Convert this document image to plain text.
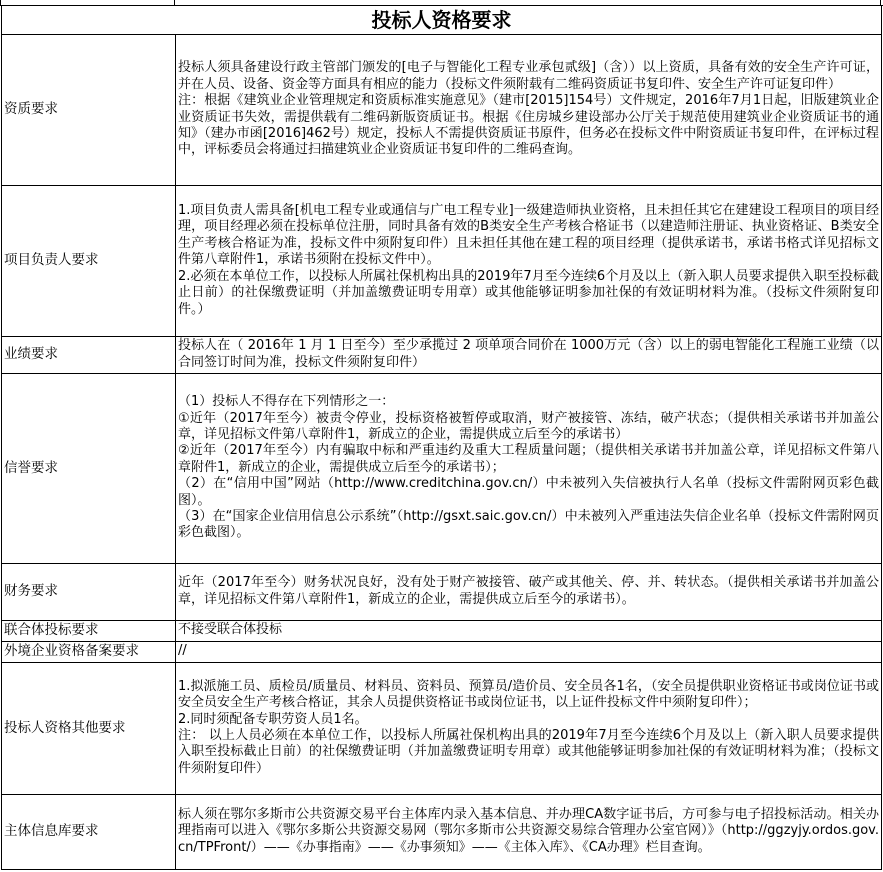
投标人资格要求	
资质要求	投标人须具备建设行政主管部门颁发的[电子与智能化工程专业承包贰级]（含））以上资质，具备有效的安全生产许可证，并在人员、设备、资金等方面具有相应的能力（投标文件须附载有二维码资质证书复印件、安全生产许可证复印件）
注：根据《建筑业企业管理规定和资质标准实施意见》（建市[2015]154号）文件规定，2016年7月1日起，旧版建筑业企业资质证书失效，需提供载有二维码新版资质证书。根据《住房城乡建设部办公厅关于规范使用建筑业企业资质证书的通知》（建办市函[2016]462号）规定，投标人不需提供资质证书原件，但务必在投标文件中附资质证书复印件，在评标过程中，评标委员会将通过扫描建筑业企业资质证书复印件的二维码查询。

项目负责人要求	1.项目负责人需具备[机电工程专业或通信与广电工程专业]一级建造师执业资格，且未担任其它在建建设工程项目的项目经理，项目经理必须在投标单位注册，同时具备有效的B类安全生产考核合格证书（以建造师注册证、执业资格证、B类安全生产考核合格证为准，投标文件中须附复印件）且未担任其他在建工程的项目经理（提供承诺书，承诺书格式详见招标文件第八章附件1，承诺书须附在投标文件中）。
2.必须在本单位工作，以投标人所属社保机构出具的2019年7月至今连续6个月及以上（新入职人员要求提供入职至投标截止日前）的社保缴费证明（并加盖缴费证明专用章）或其他能够证明参加社保的有效证明材料为准。（投标文件须附复印件。）

业绩要求	投标人在（ 2016年 1 月 1 日至今）至少承揽过 2 项单项合同价在 1000万元（含）以上的弱电智能化工程施工业绩（以合同签订时间为准，投标文件须附复印件）

信誉要求	（1）投标人不得存在下列情形之一：
①近年（2017年至今）被责令停业，投标资格被暂停或取消，财产被接管、冻结，破产状态；（提供相关承诺书并加盖公章，详见招标文件第八章附件1，新成立的企业，需提供成立后至今的承诺书）
②近年（2017年至今）内有骗取中标和严重违约及重大工程质量问题；（提供相关承诺书并加盖公章，详见招标文件第八章附件1，新成立的企业，需提供成立后至今的承诺书）；
（2）在“信用中国”网站（http://www.creditchina.gov.cn/）中未被列入失信被执行人名单（投标文件需附网页彩色截图）。
（3）在“国家企业信用信息公示系统”（http://gsxt.saic.gov.cn/）中未被列入严重违法失信企业名单（投标文件需附网页彩色截图）。

财务要求	近年（2017年至今）财务状况良好，没有处于财产被接管、破产或其他关、停、并、转状态。（提供相关承诺书并加盖公章，详见招标文件第八章附件1，新成立的企业，需提供成立后至今的承诺书）。

联合体投标要求	不接受联合体投标

外境企业资格备案要求	//

投标人资格其他要求	1.拟派施工员、质检员/质量员、材料员、资料员、预算员/造价员、安全员各1名，（安全员提供职业资格证书或岗位证书或安全员安全生产考核合格证，其余人员提供资格证书或岗位证书，以上证件投标文件中须附复印件）；
2.同时须配备专职劳资人员1名。
注： 以上人员必须在本单位工作，以投标人所属社保机构出具的2019年7月至今连续6个月及以上（新入职人员要求提供入职至投标截止日前）的社保缴费证明（并加盖缴费证明专用章）或其他能够证明参加社保的有效证明材料为准；（投标文件须附复印件）

主体信息库要求	标人须在鄂尔多斯市公共资源交易平台主体库内录入基本信息、并办理CA数字证书后，方可参与电子招投标活动。相关办理指南可以进入《鄂尔多斯公共资源交易网（鄂尔多斯市公共资源交易综合管理办公室官网）》（http://ggzyjy.ordos.gov.cn/TPFront/）——《办事指南》——《办事须知》——《主体入库》、《CA办理》栏目查询。
